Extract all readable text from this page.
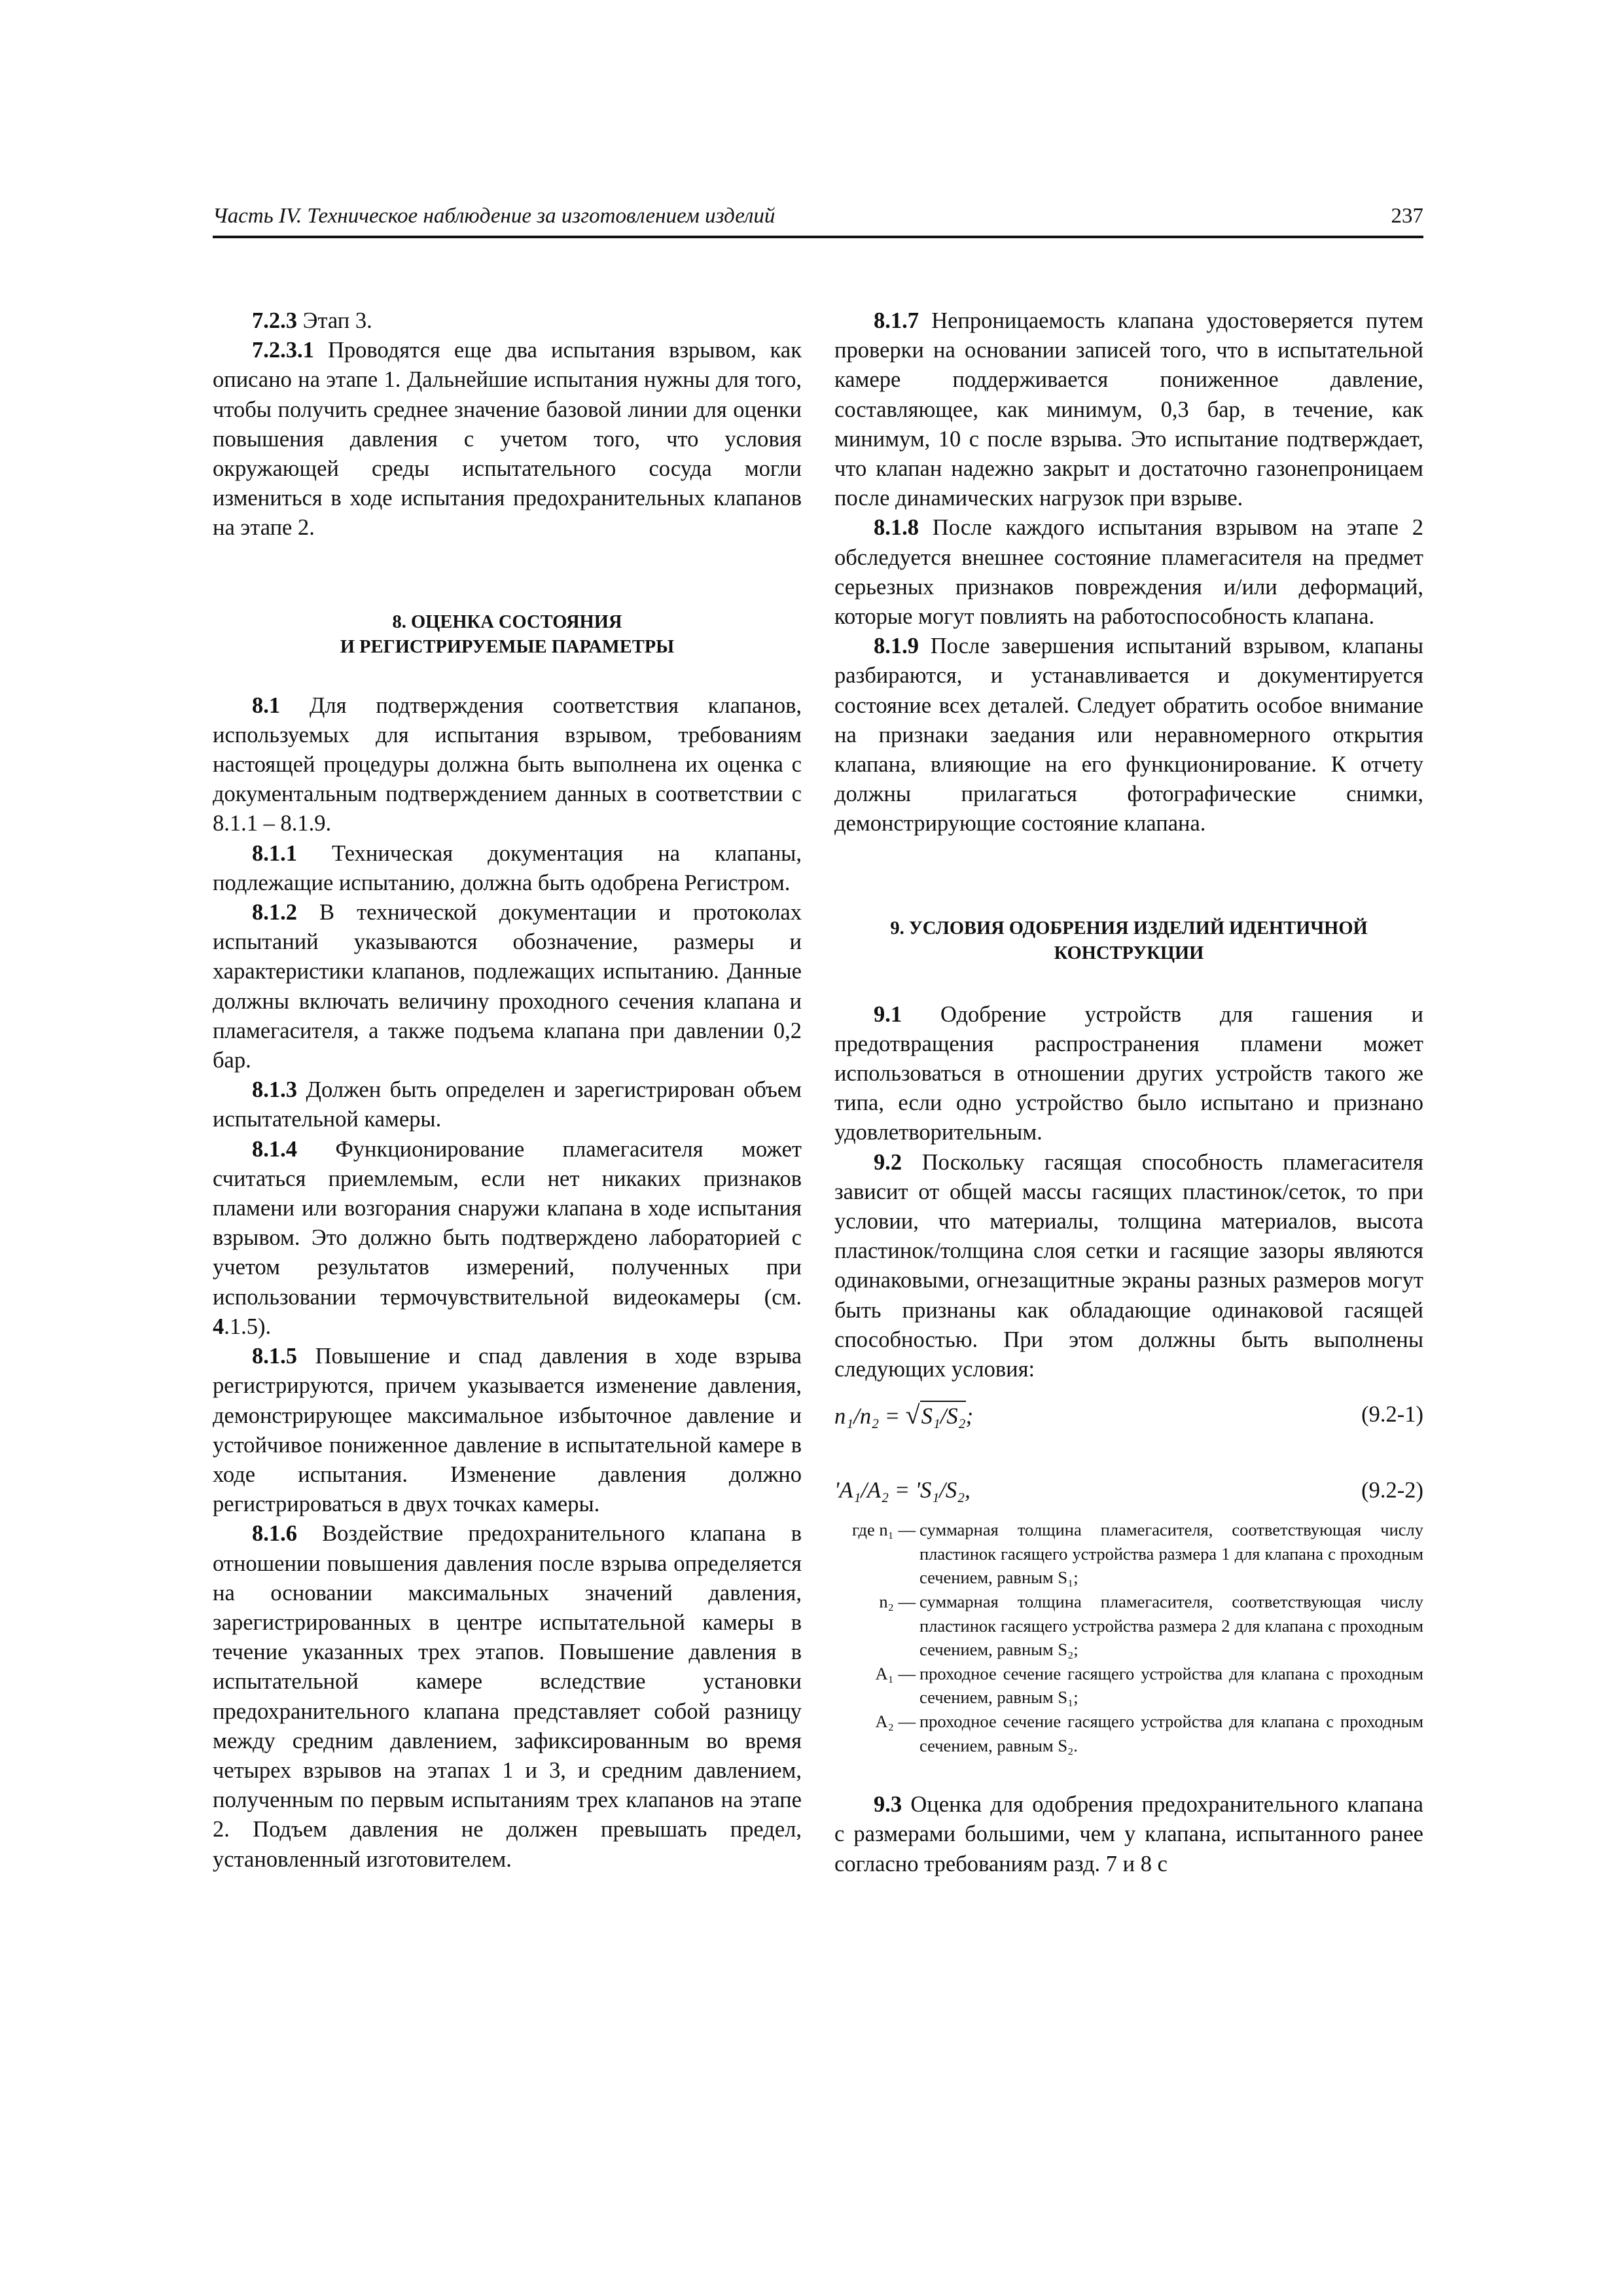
Часть IV. Техническое наблюдение за изготовлением изделий	237

7.2.3 Этап 3.

7.2.3.1 Проводятся еще два испытания взрывом, как описано на этапе 1. Дальнейшие испытания нужны для того, чтобы получить среднее значение базовой линии для оценки повышения давления с учетом того, что условия окружающей среды испытательного сосуда могли измениться в ходе испытания предохранительных клапанов на этапе 2.

8. ОЦЕНКА СОСТОЯНИЯ
И РЕГИСТРИРУЕМЫЕ ПАРАМЕТРЫ

8.1 Для подтверждения соответствия клапанов, используемых для испытания взрывом, требованиям настоящей процедуры должна быть выполнена их оценка с документальным подтверждением данных в соответствии с 8.1.1 – 8.1.9.

8.1.1 Техническая документация на клапаны, подлежащие испытанию, должна быть одобрена Регистром.

8.1.2 В технической документации и протоколах испытаний указываются обозначение, размеры и характеристики клапанов, подлежащих испытанию. Данные должны включать величину проходного сечения клапана и пламегасителя, а также подъема клапана при давлении 0,2 бар.

8.1.3 Должен быть определен и зарегистрирован объем испытательной камеры.

8.1.4 Функционирование пламегасителя может считаться приемлемым, если нет никаких признаков пламени или возгорания снаружи клапана в ходе испытания взрывом. Это должно быть подтверждено лабораторией с учетом результатов измерений, полученных при использовании термочувствительной видеокамеры (см. 4.1.5).

8.1.5 Повышение и спад давления в ходе взрыва регистрируются, причем указывается изменение давления, демонстрирующее максимальное избыточное давление и устойчивое пониженное давление в испытательной камере в ходе испытания. Изменение давления должно регистрироваться в двух точках камеры.

8.1.6 Воздействие предохранительного клапана в отношении повышения давления после взрыва определяется на основании максимальных значений давления, зарегистрированных в центре испытательной камеры в течение указанных трех этапов. Повышение давления в испытательной камере вследствие установки предохранительного клапана представляет собой разницу между средним давлением, зафиксированным во время четырех взрывов на этапах 1 и 3, и средним давлением, полученным по первым испытаниям трех клапанов на этапе 2. Подъем давления не должен превышать предел, установленный изготовителем.

8.1.7 Непроницаемость клапана удостоверяется путем проверки на основании записей того, что в испытательной камере поддерживается пониженное давление, составляющее, как минимум, 0,3 бар, в течение, как минимум, 10 с после взрыва. Это испытание подтверждает, что клапан надежно закрыт и достаточно газонепроницаем после динамических нагрузок при взрыве.

8.1.8 После каждого испытания взрывом на этапе 2 обследуется внешнее состояние пламегасителя на предмет серьезных признаков повреждения и/или деформаций, которые могут повлиять на работоспособность клапана.

8.1.9 После завершения испытаний взрывом, клапаны разбираются, и устанавливается и документируется состояние всех деталей. Следует обратить особое внимание на признаки заедания или неравномерного открытия клапана, влияющие на его функционирование. К отчету должны прилагаться фотографические снимки, демонстрирующие состояние клапана.

9. УСЛОВИЯ ОДОБРЕНИЯ ИЗДЕЛИЙ ИДЕНТИЧНОЙ
КОНСТРУКЦИИ

9.1 Одобрение устройств для гашения и предотвращения распространения пламени может использоваться в отношении других устройств такого же типа, если одно устройство было испытано и признано удовлетворительным.

9.2 Поскольку гасящая способность пламегасителя зависит от общей массы гасящих пластинок/сеток, то при условии, что материалы, толщина материалов, высота пластинок/толщина слоя сетки и гасящие зазоры являются одинаковыми, огнезащитные экраны разных размеров могут быть признаны как обладающие одинаковой гасящей способностью. При этом должны быть выполнены следующих условия:

n₁/n₂ = √S₁/S₂;	(9.2-1)
'A₁/A₂ = 'S₁/S₂,	(9.2-2)
где n₁ — суммарная толщина пламегасителя, соответствующая числу пластинок гасящего устройства размера 1 для клапана с проходным сечением, равным S₁;
n₂ — суммарная толщина пламегасителя, соответствующая числу пластинок гасящего устройства размера 2 для клапана с проходным сечением, равным S₂;
A₁ — проходное сечение гасящего устройства для клапана с проходным сечением, равным S₁;
A₂ — проходное сечение гасящего устройства для клапана с проходным сечением, равным S₂.

9.3 Оценка для одобрения предохранительного клапана с размерами большими, чем у клапана, испытанного ранее согласно требованиям разд. 7 и 8 с
